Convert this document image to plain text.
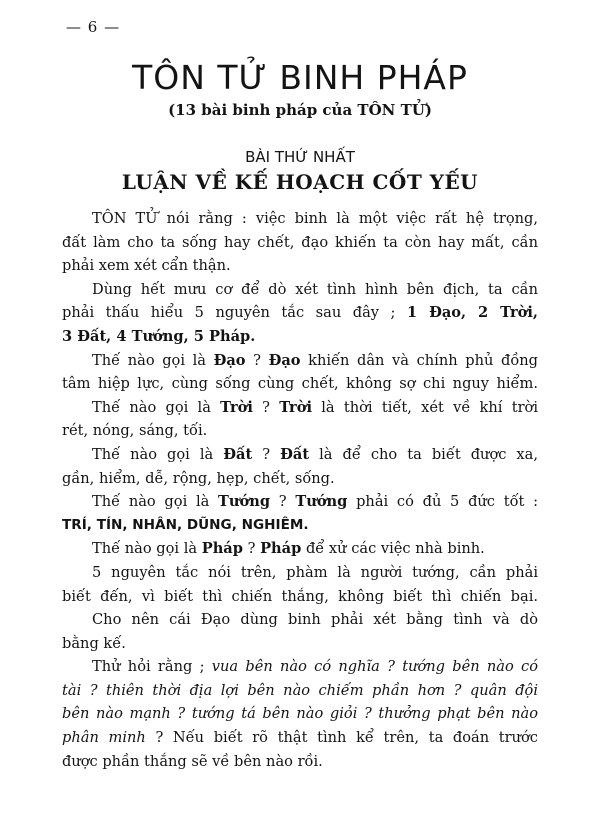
— 6 —
TÔN TỬ BINH PHÁP
(13 bài binh pháp của TÔN TỬ)
BÀI THỨ NHẤT
LUẬN VỀ KẾ HOẠCH CỐT YẾU
TÔN TỬ nói rằng : việc binh là một việc rất hệ trọng,
đất làm cho ta sống hay chết, đạo khiến ta còn hay mất, cần
phải xem xét cẩn thận.
Dùng hết mưu cơ để dò xét tình hình bên địch, ta cần
phải thấu hiểu 5 nguyên tắc sau đây ; 1 Đạo, 2 Trời,
3 Đất, 4 Tướng, 5 Pháp.
Thế nào gọi là Đạo ? Đạo khiến dân và chính phủ đồng
tâm hiệp lực, cùng sống cùng chết, không sợ chi nguy hiểm.
Thế nào gọi là Trời ? Trời là thời tiết, xét về khí trời
rét, nóng, sáng, tối.
Thế nào gọi là Đất ? Đất là để cho ta biết được xa,
gần, hiểm, dễ, rộng, hẹp, chết, sống.
Thế nào gọi là Tướng ? Tướng phải có đủ 5 đức tốt :
TRÍ, TÍN, NHÂN, DŨNG, NGHIÊM.
Thế nào gọi là Pháp ? Pháp để xử các việc nhà binh.
5 nguyên tắc nói trên, phàm là người tướng, cần phải
biết đến, vì biết thì chiến thắng, không biết thì chiến bại.
Cho nên cái Đạo dùng binh phải xét bằng tình và dò
bằng kế.
Thử hỏi rằng ; vua bên nào có nghĩa ? tướng bên nào có
tài ? thiên thời địa lợi bên nào chiếm phần hơn ? quân đội
bên nào mạnh ? tướng tá bên nào giỏi ? thưởng phạt bên nào
phân minh ? Nếu biết rõ thật tình kể trên, ta đoán trước
được phần thắng sẽ về bên nào rồi.
